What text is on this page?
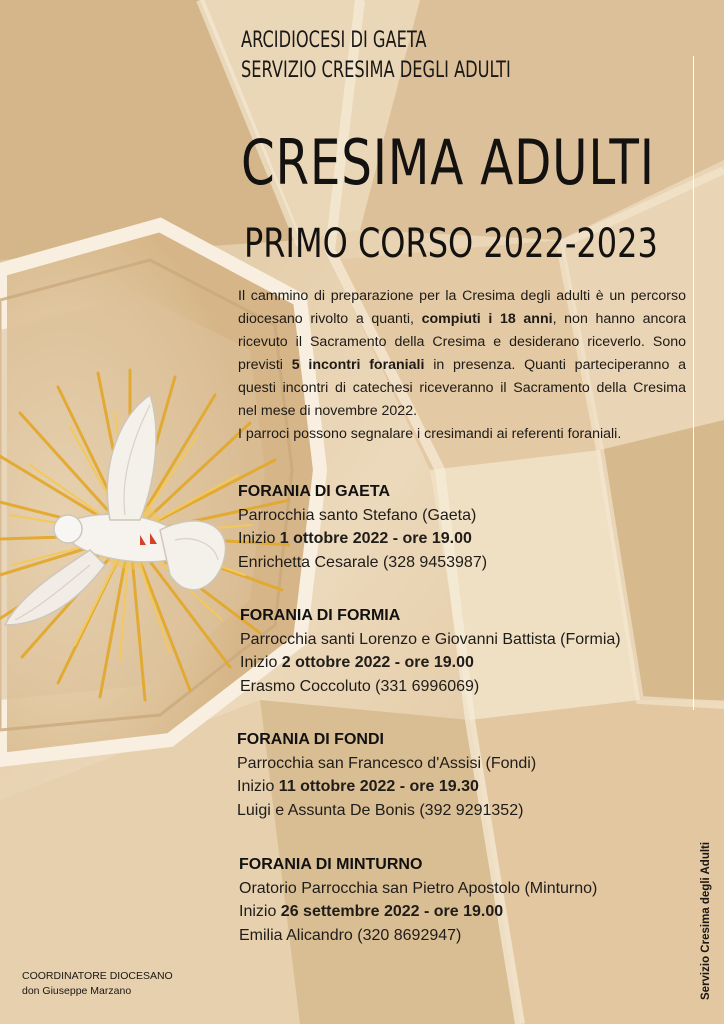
ARCIDIOCESI DI GAETA
SERVIZIO CRESIMA DEGLI ADULTI
CRESIMA ADULTI
PRIMO CORSO 2022-2023

Il cammino di preparazione per la Cresima degli adulti è un percorso diocesano rivolto a quanti, compiuti i 18 anni, non hanno ancora ricevuto il Sacramento della Cresima e desiderano riceverlo. Sono previsti 5 incontri foraniali in presenza. Quanti parteciperanno a questi incontri di catechesi riceveranno il Sacramento della Cresima nel mese di novembre 2022.

I parroci possono segnalare i cresimandi ai referenti foraniali.

FORANIA DI GAETA
Parrocchia santo Stefano (Gaeta)
Inizio 1 ottobre 2022 - ore 19.00
Enrichetta Cesarale (328 9453987)
FORANIA DI FORMIA
Parrocchia santi Lorenzo e Giovanni Battista (Formia)
Inizio 2 ottobre 2022 - ore 19.00
Erasmo Coccoluto (331 6996069)
FORANIA DI FONDI
Parrocchia san Francesco d'Assisi (Fondi)
Inizio 11 ottobre 2022 - ore 19.30
Luigi e Assunta De Bonis (392 9291352)
FORANIA DI MINTURNO
Oratorio Parrocchia san Pietro Apostolo (Minturno)
Inizio 26 settembre 2022 - ore 19.00
Emilia Alicandro (320 8692947)	Servizio Cresima degli Adulti
COORDINATORE DIOCESANO
don Giuseppe Marzano
